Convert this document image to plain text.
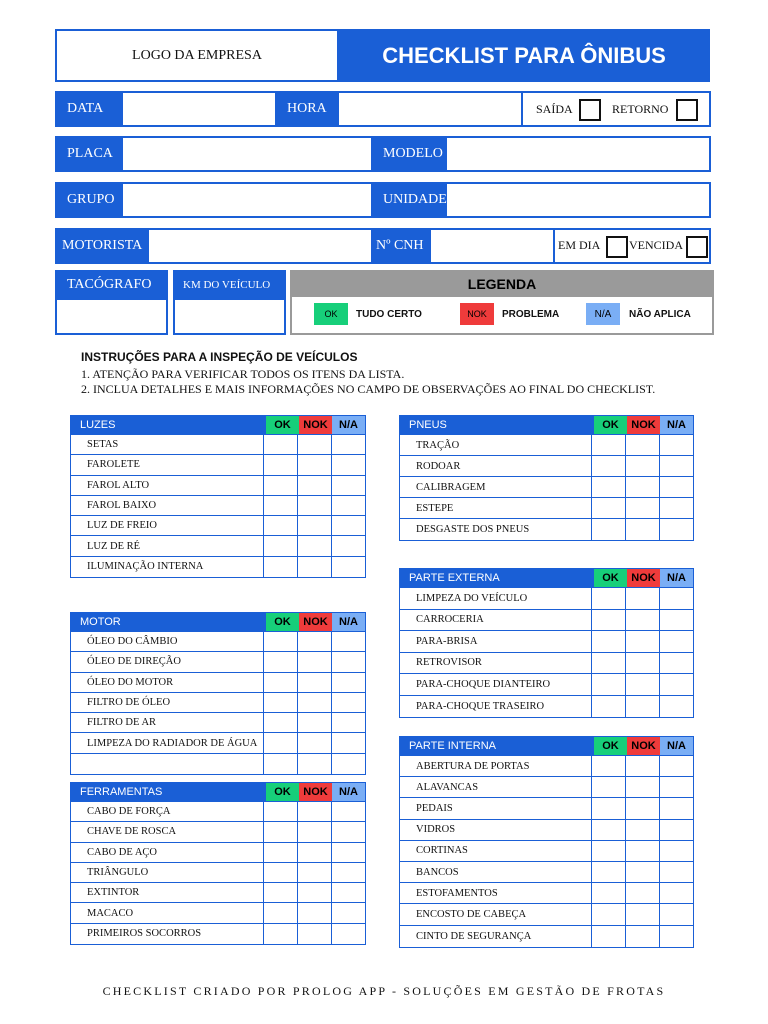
LOGO DA EMPRESA	CHECKLIST PARA ÔNIBUS
DATA	HORA	SAÍDA	RETORNO
PLACA	MODELO
GRUPO	UNIDADE
MOTORISTA	Nº CNH	EM DIA VENCIDA
TACÓGRAFO	KM DO VEÍCULO	LEGENDA
OK	TUDO CERTO	NOK	PROBLEMA	N/A	NÃO APLICA
INSTRUÇÕES PARA A INSPEÇÃO DE VEÍCULOS
1. ATENÇÃO PARA VERIFICAR TODOS OS ITENS DA LISTA.
2. INCLUA DETALHES E MAIS INFORMAÇÕES NO CAMPO DE OBSERVAÇÕES AO FINAL DO CHECKLIST.
LUZES	OK	NOK	N/A
SETAS
FAROLETE
FAROL ALTO
FAROL BAIXO
LUZ DE FREIO
LUZ DE RÉ
ILUMINAÇÃO INTERNA
MOTOR	OK	NOK	N/A
ÓLEO DO CÂMBIO
ÓLEO DE DIREÇÃO
ÓLEO DO MOTOR
FILTRO DE ÓLEO
FILTRO DE AR
LIMPEZA DO RADIADOR DE ÁGUA
FERRAMENTAS	OK	NOK	N/A
CABO DE FORÇA
CHAVE DE ROSCA
CABO DE AÇO
TRIÂNGULO
EXTINTOR
MACACO
PRIMEIROS SOCORROS
PNEUS	OK	NOK	N/A
TRAÇÃO
RODOAR
CALIBRAGEM
ESTEPE
DESGASTE DOS PNEUS
PARTE EXTERNA	OK	NOK	N/A
LIMPEZA DO VEÍCULO
CARROCERIA
PARA-BRISA
RETROVISOR
PARA-CHOQUE DIANTEIRO
PARA-CHOQUE TRASEIRO
PARTE INTERNA	OK	NOK	N/A
ABERTURA DE PORTAS
ALAVANCAS
PEDAIS
VIDROS
CORTINAS
BANCOS
ESTOFAMENTOS
ENCOSTO DE CABEÇA
CINTO DE SEGURANÇA
CHECKLIST CRIADO POR PROLOG APP - SOLUÇÕES EM GESTÃO DE FROTAS
